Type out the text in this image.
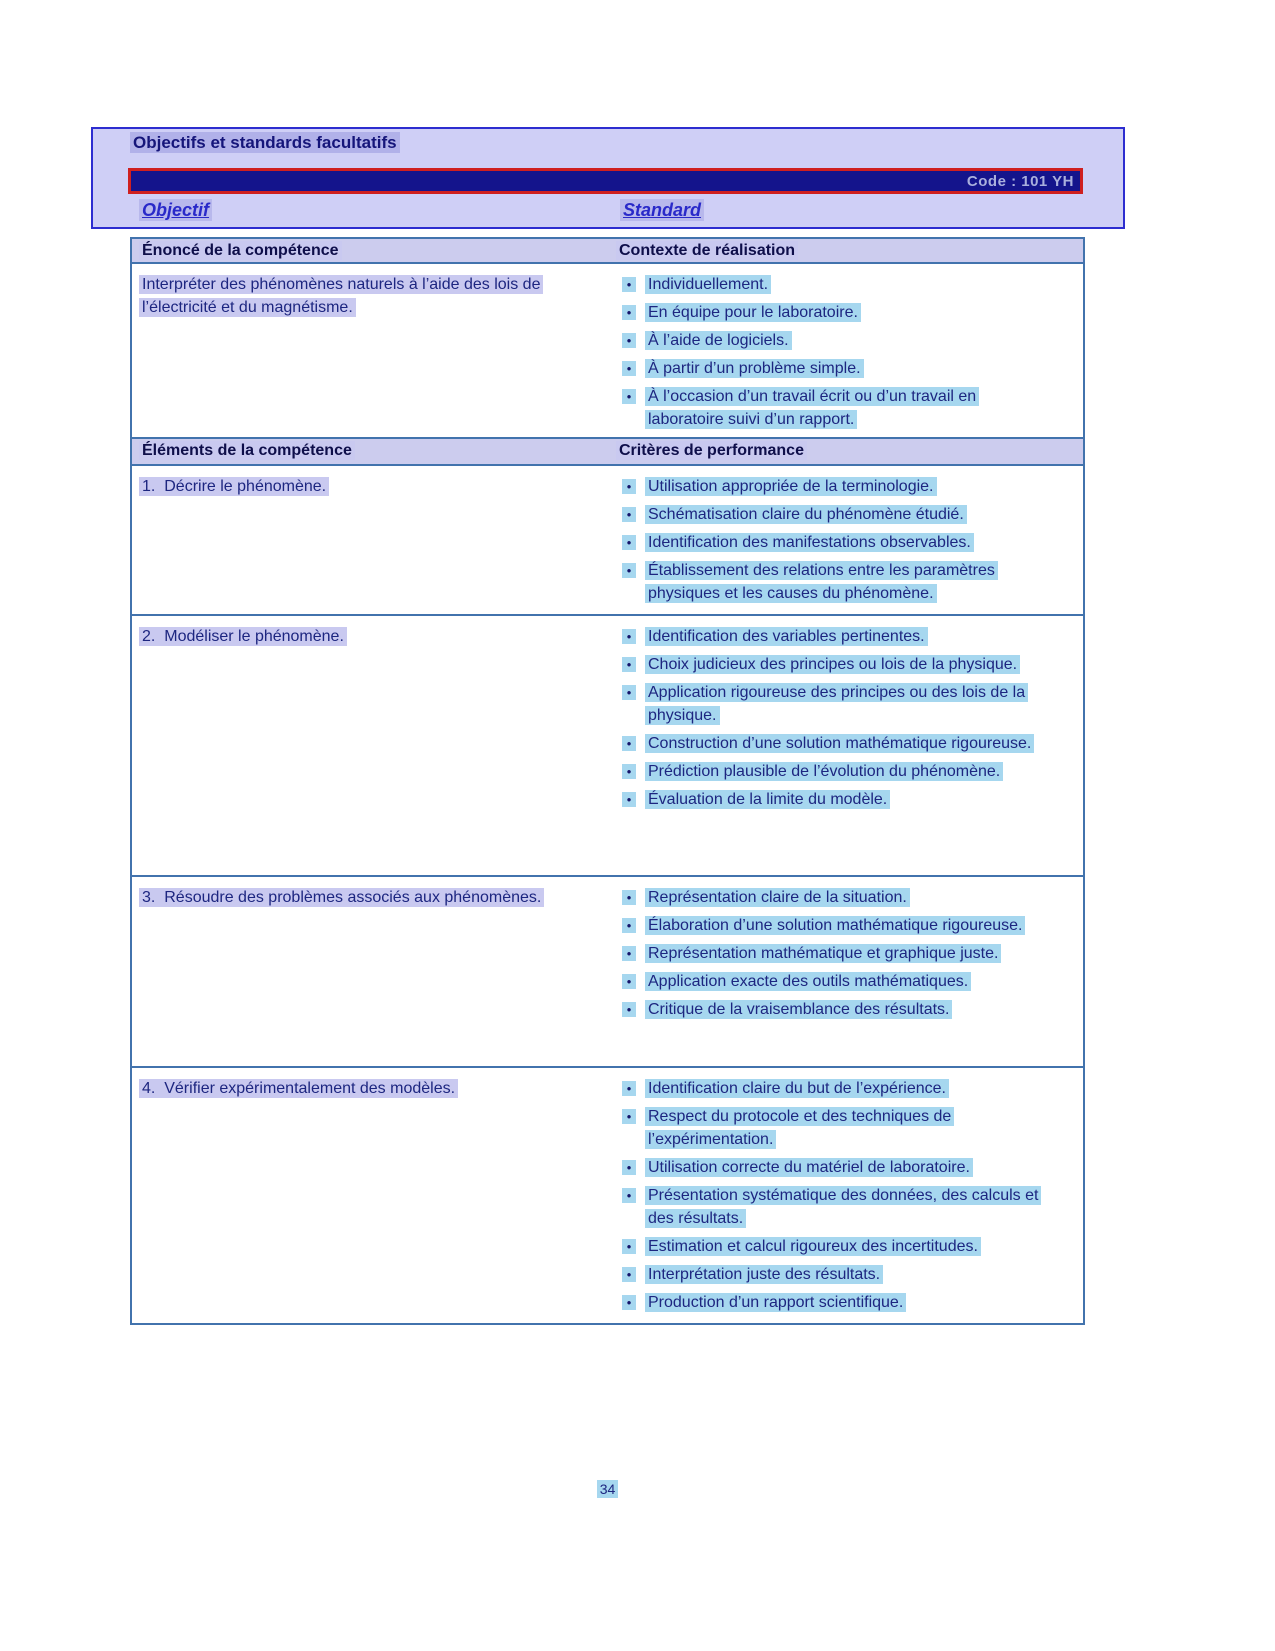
Objectifs et standards facultatifs
Code : 101 YH
Objectif	Standard
Énoncé de la compétence	Contexte de réalisation
Interpréter des phénomènes naturels à l’aide des lois de l’électricité et du magnétisme.
• Individuellement.
• En équipe pour le laboratoire.
• À l’aide de logiciels.
• À partir d’un problème simple.
• À l’occasion d’un travail écrit ou d’un travail en laboratoire suivi d’un rapport.
Éléments de la compétence	Critères de performance
1.  Décrire le phénomène.	• Utilisation appropriée de la terminologie.
• Schématisation claire du phénomène étudié.
• Identification des manifestations observables.
• Établissement des relations entre les paramètres physiques et les causes du phénomène.
2.  Modéliser le phénomène.	• Identification des variables pertinentes.
• Choix judicieux des principes ou lois de la physique.
• Application rigoureuse des principes ou des lois de la physique.
• Construction d’une solution mathématique rigoureuse.
• Prédiction plausible de l’évolution du phénomène.
• Évaluation de la limite du modèle.
3.  Résoudre des problèmes associés aux phénomènes.	• Représentation claire de la situation.
• Élaboration d’une solution mathématique rigoureuse.
• Représentation mathématique et graphique juste.
• Application exacte des outils mathématiques.
• Critique de la vraisemblance des résultats.
4.  Vérifier expérimentalement des modèles.	• Identification claire du but de l’expérience.
• Respect du protocole et des techniques de l’expérimentation.
• Utilisation correcte du matériel de laboratoire.
• Présentation systématique des données, des calculs et des résultats.
• Estimation et calcul rigoureux des incertitudes.
• Interprétation juste des résultats.
• Production d’un rapport scientifique.
34
